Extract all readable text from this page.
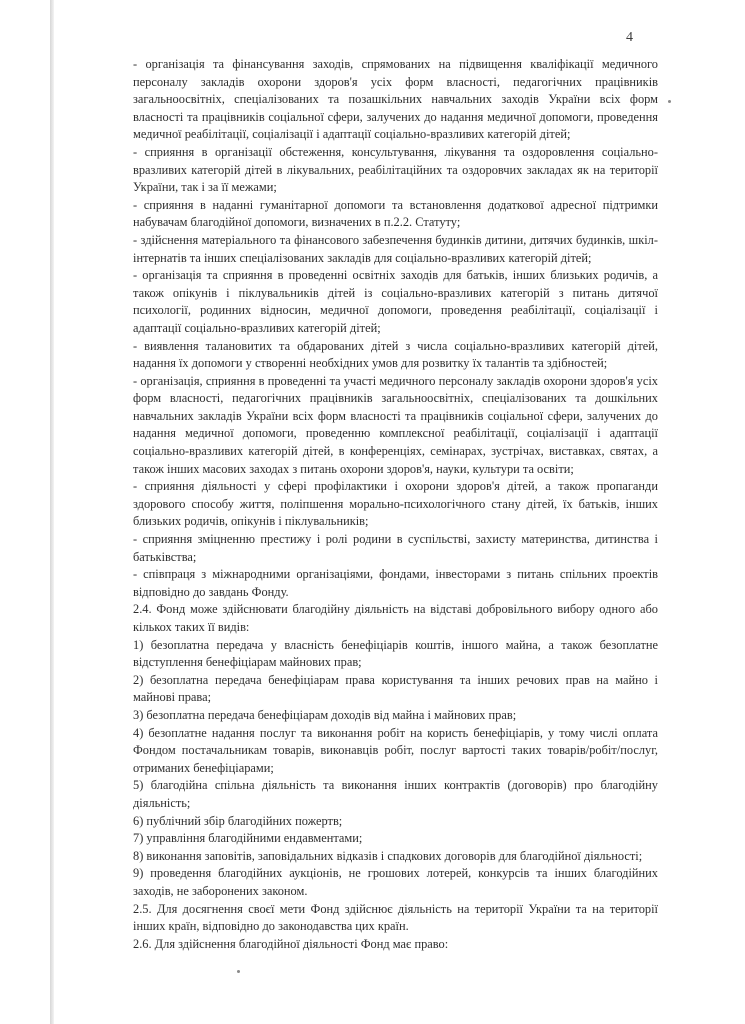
4

- організація та фінансування заходів, спрямованих на підвищення кваліфікації медичного персоналу закладів охорони здоров'я усіх форм власності, педагогічних працівників загальноосвітніх, спеціалізованих та позашкільних навчальних заходів України всіх форм власності та працівників соціальної сфери, залучених до надання медичної допомоги, проведення медичної реабілітації, соціалізації і адаптації соціально-вразливих категорій дітей;

- сприяння в організації обстеження, консультування, лікування та оздоровлення соціально-вразливих категорій дітей в лікувальних, реабілітаційних та оздоровчих закладах як на території України, так і за її межами;

- сприяння в наданні гуманітарної допомоги та встановлення додаткової адресної підтримки набувачам благодійної допомоги, визначених в п.2.2. Статуту;

- здійснення матеріального та фінансового забезпечення будинків дитини, дитячих будинків, шкіл-інтернатів та інших спеціалізованих закладів для соціально-вразливих категорій дітей;

- організація та сприяння в проведенні освітніх заходів для батьків, інших близьких родичів, а також опікунів і піклувальників дітей із соціально-вразливих категорій з питань дитячої психології, родинних відносин, медичної допомоги, проведення реабілітації, соціалізації і адаптації соціально-вразливих категорій дітей;

- виявлення талановитих та обдарованих дітей з числа соціально-вразливих категорій дітей, надання їх допомоги у створенні необхідних умов для розвитку їх талантів та здібностей;

- організація, сприяння в проведенні та участі медичного персоналу закладів охорони здоров'я усіх форм власності, педагогічних працівників загальноосвітніх, спеціалізованих та дошкільних навчальних закладів України всіх форм власності та працівників соціальної сфери, залучених до надання медичної допомоги, проведенню комплексної реабілітації, соціалізації і адаптації соціально-вразливих категорій дітей, в конференціях, семінарах, зустрічах, виставках, святах, а також інших масових заходах з питань охорони здоров'я, науки, культури та освіти;

- сприяння діяльності у сфері профілактики і охорони здоров'я дітей, а також пропаганди здорового способу життя, поліпшення морально-психологічного стану дітей, їх батьків, інших близьких родичів, опікунів і піклувальників;

- сприяння зміцненню престижу і ролі родини в суспільстві, захисту материнства, дитинства і батьківства;

- співпраця з міжнародними організаціями, фондами, інвесторами з питань спільних проектів відповідно до завдань Фонду.

2.4. Фонд може здійснювати благодійну діяльність на відставі добровільного вибору одного або кількох таких її видів:

1) безоплатна передача у власність бенефіціарів коштів, іншого майна, а також безоплатне відступлення бенефіціарам майнових прав;

2) безоплатна передача бенефіціарам права користування та інших речових прав на майно і майнові права;

3) безоплатна передача бенефіціарам доходів від майна і майнових прав;

4) безоплатне надання послуг та виконання робіт на користь бенефіціарів, у тому числі оплата Фондом постачальникам товарів, виконавців робіт, послуг вартості таких товарів/робіт/послуг, отриманих бенефіціарами;

5) благодійна спільна діяльність та виконання інших контрактів (договорів) про благодійну діяльність;

6) публічний збір благодійних пожертв;

7) управління благодійними ендавментами;

8) виконання заповітів, заповідальних відказів і спадкових договорів для благодійної діяльності;

9) проведення благодійних аукціонів, не грошових лотерей, конкурсів та інших благодійних заходів, не заборонених законом.

2.5. Для досягнення своєї мети Фонд здійснює діяльність на території України та на території інших країн, відповідно до законодавства цих країн.

2.6. Для здійснення благодійної діяльності Фонд має право:
